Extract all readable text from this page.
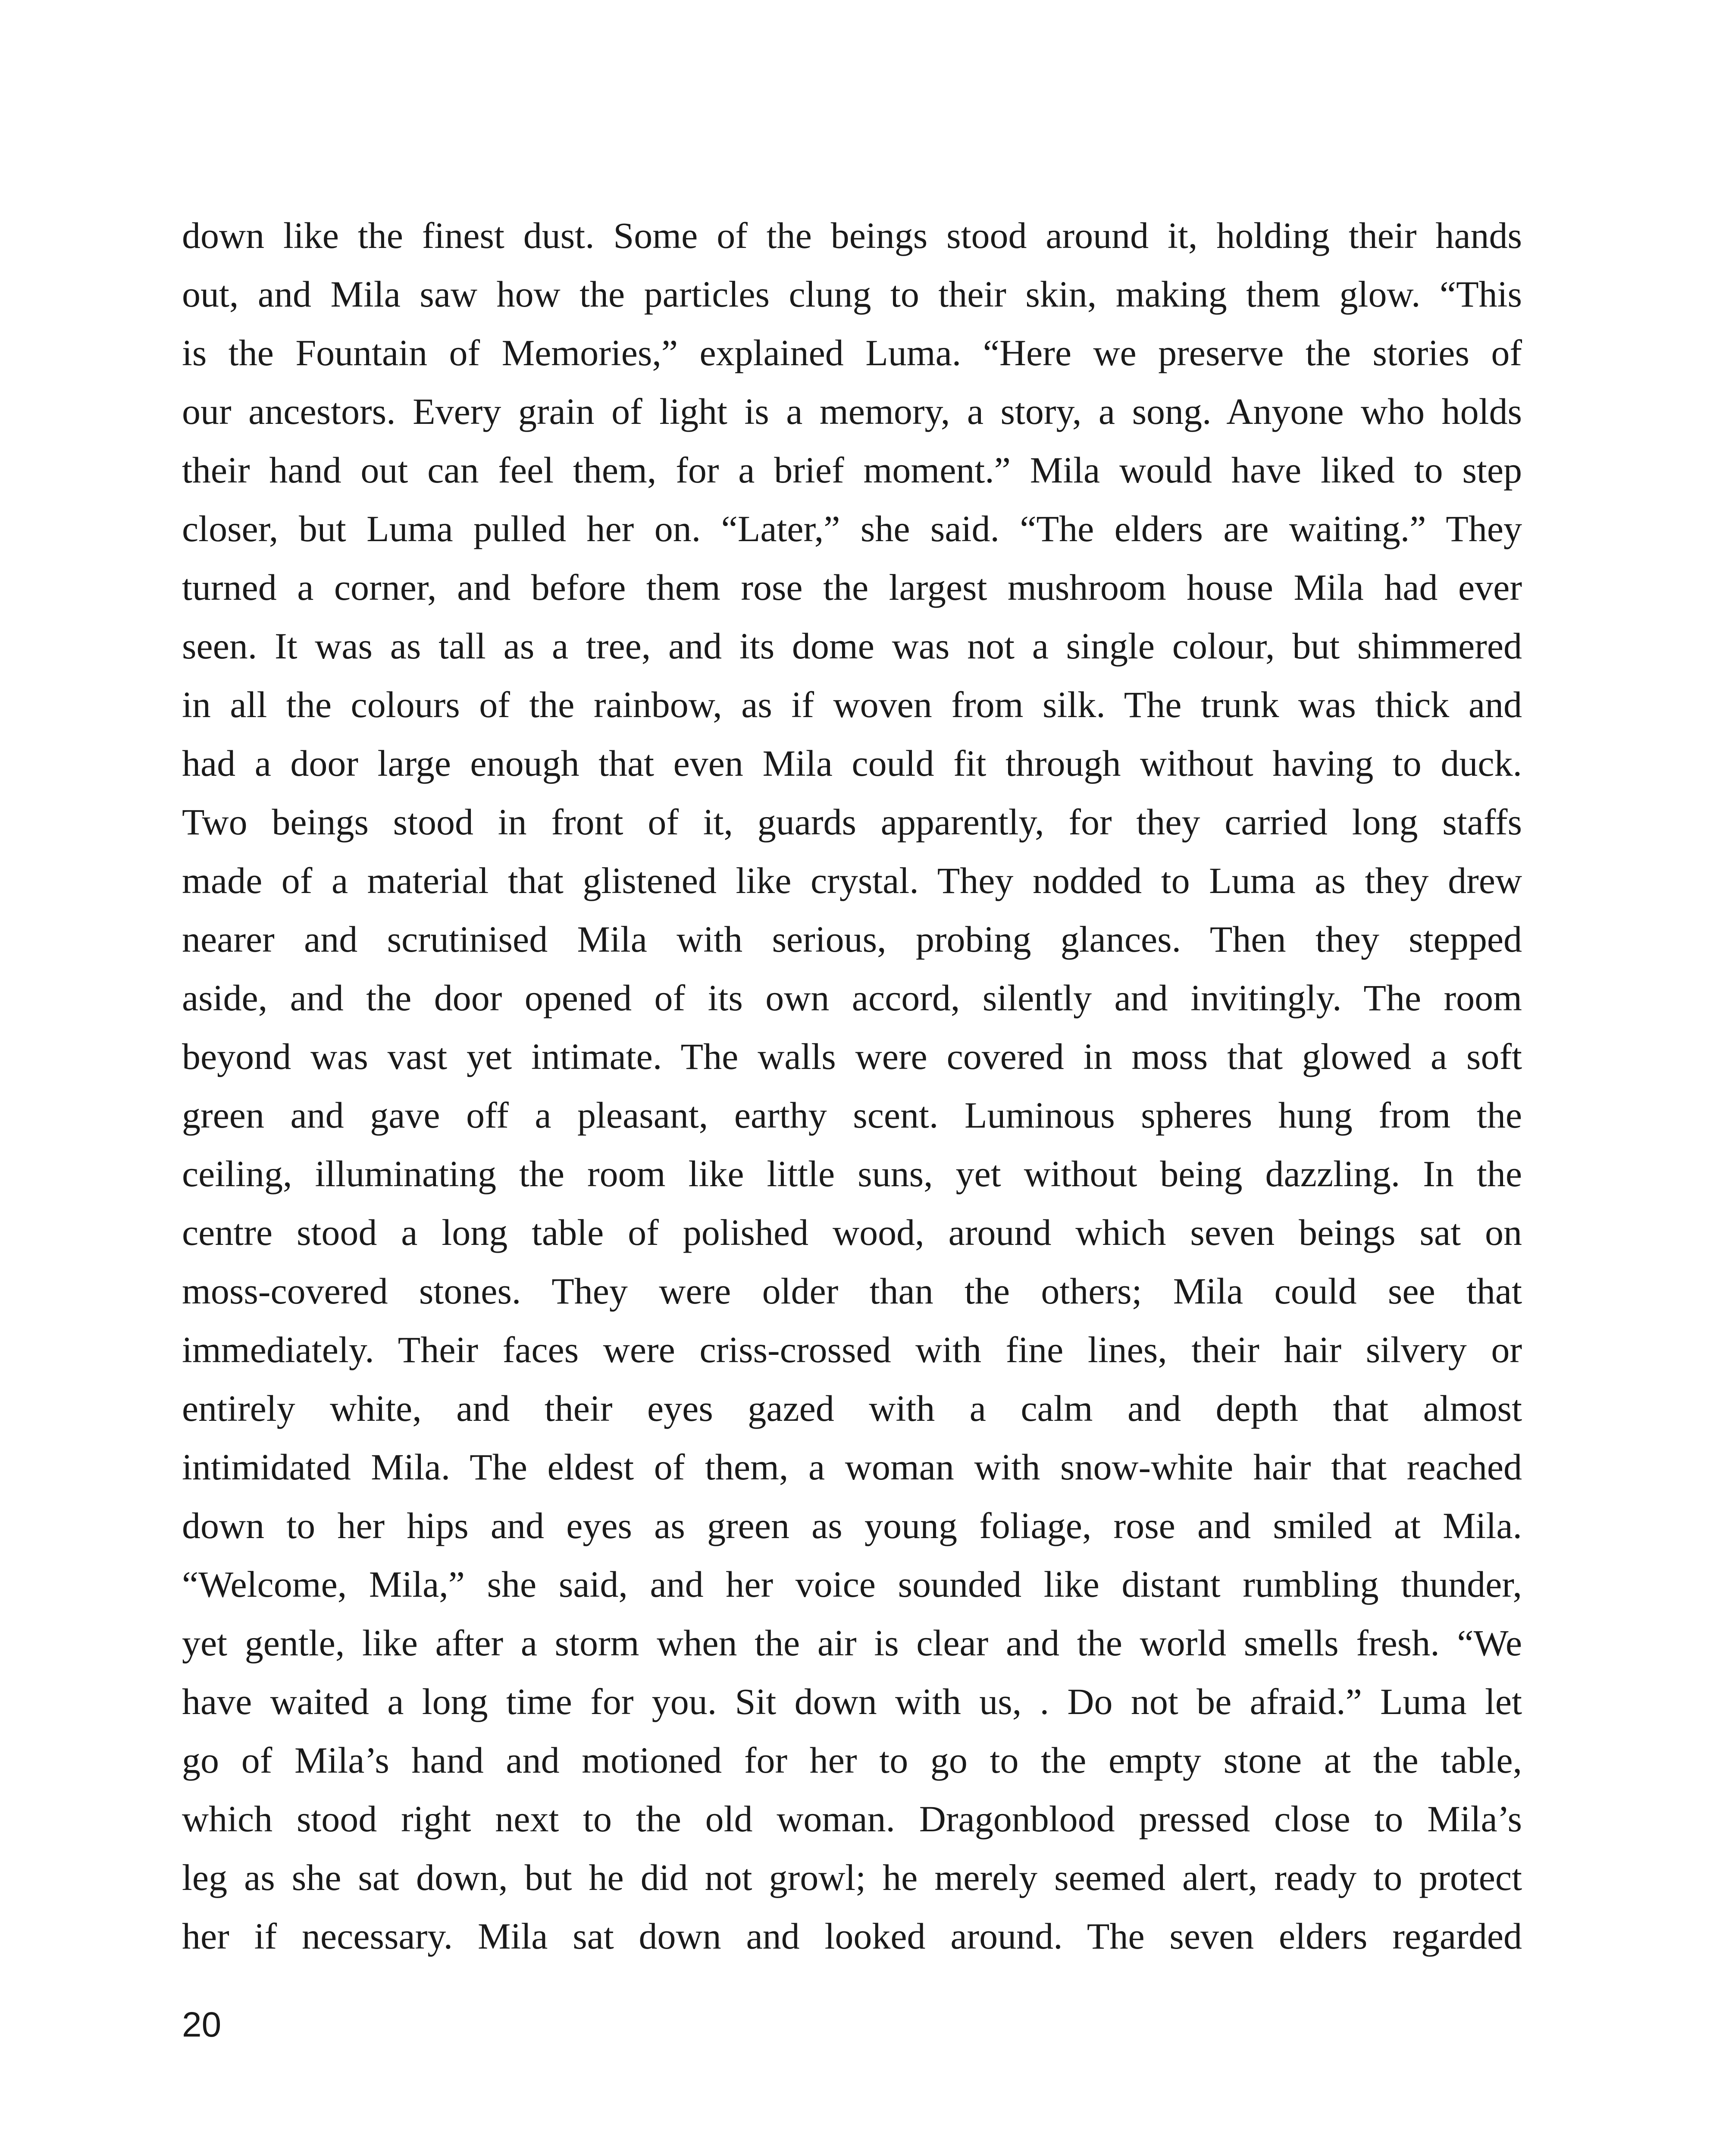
down like the finest dust. Some of the beings stood around it, holding their hands
out, and Mila saw how the particles clung to their skin, making them glow. “This
is the Fountain of Memories,” explained Luma. “Here we preserve the stories of
our ancestors. Every grain of light is a memory, a story, a song. Anyone who holds
their hand out can feel them, for a brief moment.” Mila would have liked to step
closer, but Luma pulled her on. “Later,” she said. “The elders are waiting.” They
turned a corner, and before them rose the largest mushroom house Mila had ever
seen. It was as tall as a tree, and its dome was not a single colour, but shimmered
in all the colours of the rainbow, as if woven from silk. The trunk was thick and
had a door large enough that even Mila could fit through without having to duck.
Two beings stood in front of it, guards apparently, for they carried long staffs
made of a material that glistened like crystal. They nodded to Luma as they drew
nearer and scrutinised Mila with serious, probing glances. Then they stepped
aside, and the door opened of its own accord, silently and invitingly. The room
beyond was vast yet intimate. The walls were covered in moss that glowed a soft
green and gave off a pleasant, earthy scent. Luminous spheres hung from the
ceiling, illuminating the room like little suns, yet without being dazzling. In the
centre stood a long table of polished wood, around which seven beings sat on
moss-covered stones. They were older than the others; Mila could see that
immediately. Their faces were criss-crossed with fine lines, their hair silvery or
entirely white, and their eyes gazed with a calm and depth that almost
intimidated Mila. The eldest of them, a woman with snow-white hair that reached
down to her hips and eyes as green as young foliage, rose and smiled at Mila.
“Welcome, Mila,” she said, and her voice sounded like distant rumbling thunder,
yet gentle, like after a storm when the air is clear and the world smells fresh. “We
have waited a long time for you. Sit down with us, . Do not be afraid.” Luma let
go of Mila’s hand and motioned for her to go to the empty stone at the table,
which stood right next to the old woman. Dragonblood pressed close to Mila’s
leg as she sat down, but he did not growl; he merely seemed alert, ready to protect
her if necessary. Mila sat down and looked around. The seven elders regarded
20
